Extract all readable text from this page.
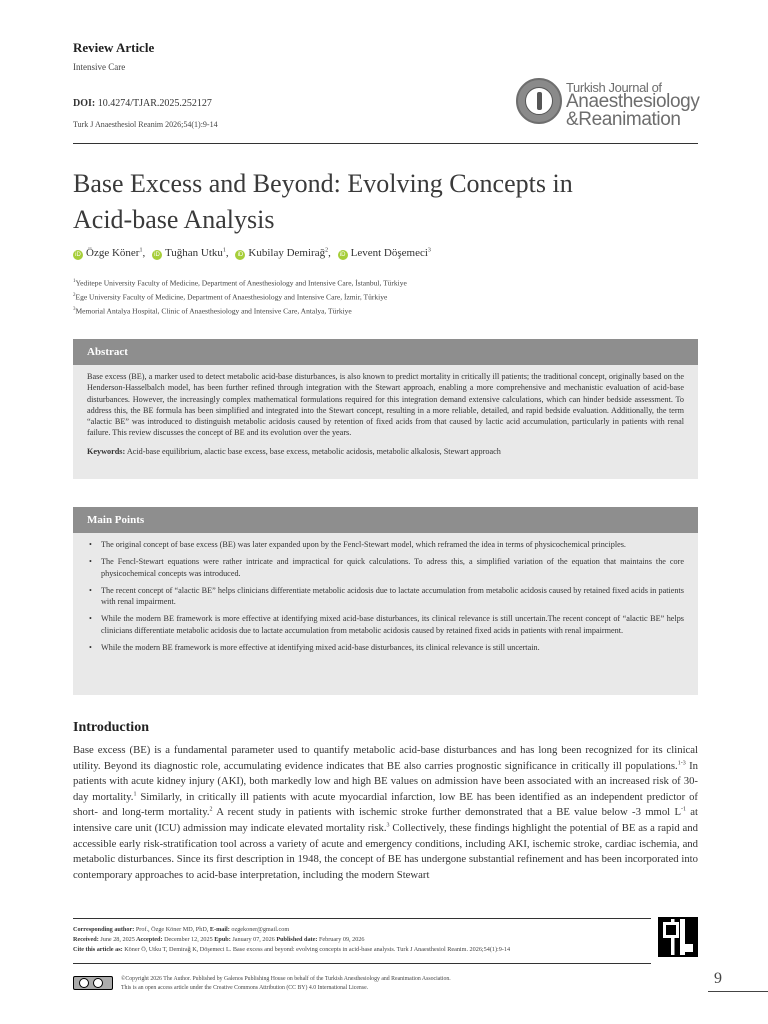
Review Article
Intensive Care
DOI: 10.4274/TJAR.2025.252127
Turk J Anaesthesiol Reanim 2026;54(1):9-14
Turkish Journal of
Anaesthesiology
&Reanimation
Base Excess and Beyond: Evolving Concepts in Acid-base Analysis
iD Özge Köner$^1$, iD Tuğhan Utku$^1$, iD Kubilay Demirağ$^2$, iD Levent Döşemeci$^3$
$^1$Yeditepe University Faculty of Medicine, Department of Anesthesiology and Intensive Care, İstanbul, Türkiye
$^2$Ege University Faculty of Medicine, Department of Anaesthesiology and Intensive Care, İzmir, Türkiye
$^3$Memorial Antalya Hospital, Clinic of Anaesthesiology and Intensive Care, Antalya, Türkiye
Abstract
Base excess (BE), a marker used to detect metabolic acid-base disturbances, is also known to predict mortality in critically ill patients; the traditional concept, originally based on the Henderson-Hasselbalch model, has been further refined through integration with the Stewart approach, enabling a more comprehensive and mechanistic evaluation of acid-base disturbances. However, the increasingly complex mathematical formulations required for this integration demand extensive calculations, which can hinder bedside assessment. To address this, the BE formula has been simplified and integrated into the Stewart concept, resulting in a more reliable, detailed, and rapid bedside evaluation. Additionally, the term “alactic BE” was introduced to distinguish metabolic acidosis caused by retention of fixed acids from that caused by lactic acid accumulation, particularly in patients with renal failure. This review discusses the concept of BE and its evolution over the years.
Keywords: Acid-base equilibrium, alactic base excess, base excess, metabolic acidosis, metabolic alkalosis, Stewart approach
Main Points
• The original concept of base excess (BE) was later expanded upon by the Fencl-Stewart model, which reframed the idea in terms of physicochemical principles.
• The Fencl-Stewart equations were rather intricate and impractical for quick calculations. To adress this, a simplified variation of the equation that maintains the core physicochemical concepts was introduced.
• The recent concept of “alactic BE” helps clinicians differentiate metabolic acidosis due to lactate accumulation from metabolic acidosis caused by retained fixed acids in patients with renal impairment.
• While the modern BE framework is more effective at identifying mixed acid-base disturbances, its clinical relevance is still uncertain.The recent concept of “alactic BE” helps clinicians differentiate metabolic acidosis due to lactate accumulation from metabolic acidosis caused by retained fixed acids in patients with renal impairment.
• While the modern BE framework is more effective at identifying mixed acid-base disturbances, its clinical relevance is still uncertain.
Introduction

Base excess (BE) is a fundamental parameter used to quantify metabolic acid-base disturbances and has long been recognized for its clinical utility. Beyond its diagnostic role, accumulating evidence indicates that BE also carries prognostic significance in critically ill populations.$^{1-3}$ In patients with acute kidney injury (AKI), both markedly low and high BE values on admission have been associated with an increased risk of 30-day mortality.$^1$ Similarly, in critically ill patients with acute myocardial infarction, low BE has been identified as an independent predictor of short- and long-term mortality.$^2$ A recent study in patients with ischemic stroke further demonstrated that a BE value below -3 mmol $L^{-1}$ at intensive care unit (ICU) admission may indicate elevated mortality risk.$^3$ Collectively, these findings highlight the potential of BE as a rapid and accessible early risk-stratification tool across a variety of acute and emergency conditions, including AKI, ischemic stroke, cardiac ischemia, and metabolic disturbances. Since its first description in 1948, the concept of BE has undergone substantial refinement and has been incorporated into contemporary approaches to acid-base interpretation, including the modern Stewart

Corresponding author: Prof., Özge Köner MD, PhD, E-mail: ozgekoner@gmail.com
Received: June 28, 2025 Accepted: December 12, 2025 Epub: January 07, 2026 Published date: February 09, 2026
Cite this article as: Köner Ö, Utku T, Demirağ K, Döşemeci L. Base excess and beyond: evolving concepts in acid-base analysis. Turk J Anaesthesiol Reanim. 2026;54(1):9-14
©Copyright 2026 The Author. Published by Galenos Publishing House on behalf of the Turkish Anesthesiology and Reanimation Association.
This is an open access article under the Creative Commons Attribution (CC BY) 4.0 International License.
9
